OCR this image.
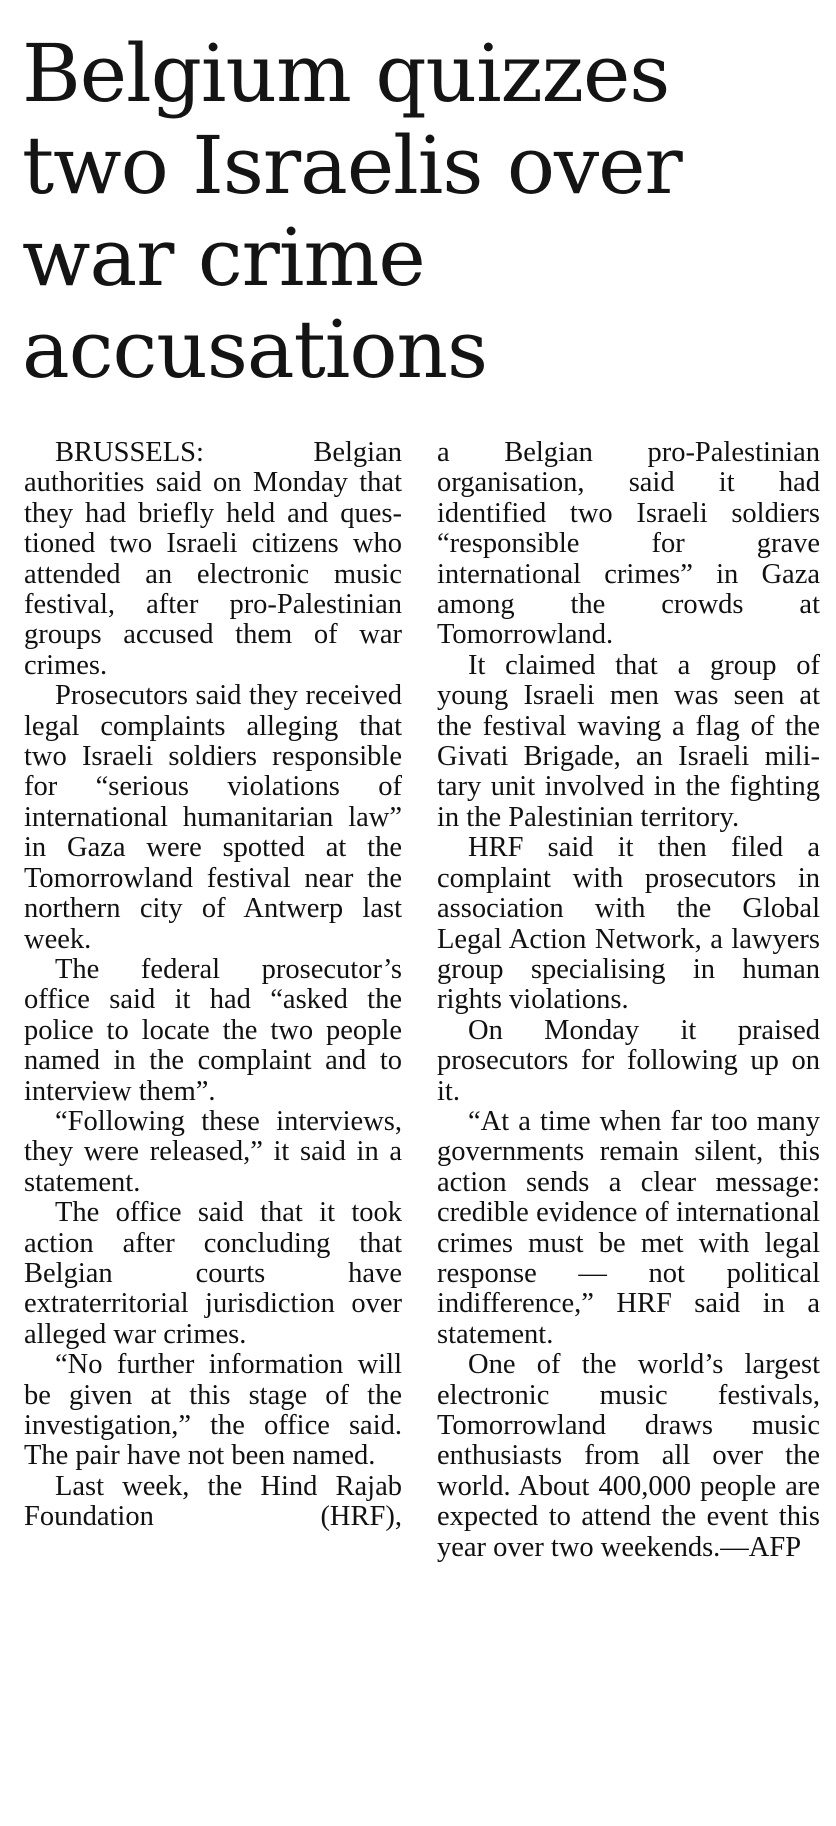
Belgium quizzes
two Israelis over
war crime
accusations

BRUSSELS: Belgian authorities said on Monday that they had briefly held and questioned two Israeli citizens who attended an electronic music festival, after pro-Palestinian groups accused them of war crimes.

Prosecutors said they received legal complaints alleging that two Israeli soldiers responsible for “serious violations of international humanitarian law” in Gaza were spotted at the Tomorrowland festival near the northern city of Antwerp last week.

The federal prosecutor’s office said it had “asked the police to locate the two people named in the complaint and to interview them”.

“Following these interviews, they were released,” it said in a statement.

The office said that it took action after concluding that Belgian courts have extraterritorial jurisdiction over alleged war crimes.

“No further information will be given at this stage of the investigation,” the office said. The pair have not been named.

Last week, the Hind Rajab Foundation (HRF),

a Belgian pro-Palestinian organisation, said it had identified two Israeli soldiers “responsible for grave international crimes” in Gaza among the crowds at Tomorrowland.

It claimed that a group of young Israeli men was seen at the festival waving a flag of the Givati Brigade, an Israeli military unit involved in the fighting in the Palestinian territory.

HRF said it then filed a complaint with prosecutors in association with the Global Legal Action Network, a lawyers group specialising in human rights violations.

On Monday it praised prosecutors for following up on it.

“At a time when far too many governments remain silent, this action sends a clear message: credible evidence of international crimes must be met with legal response — not political indifference,” HRF said in a statement.

One of the world’s largest electronic music festivals, Tomorrowland draws music enthusiasts from all over the world. About 400,000 people are expected to attend the event this year over two weekends.—AFP
